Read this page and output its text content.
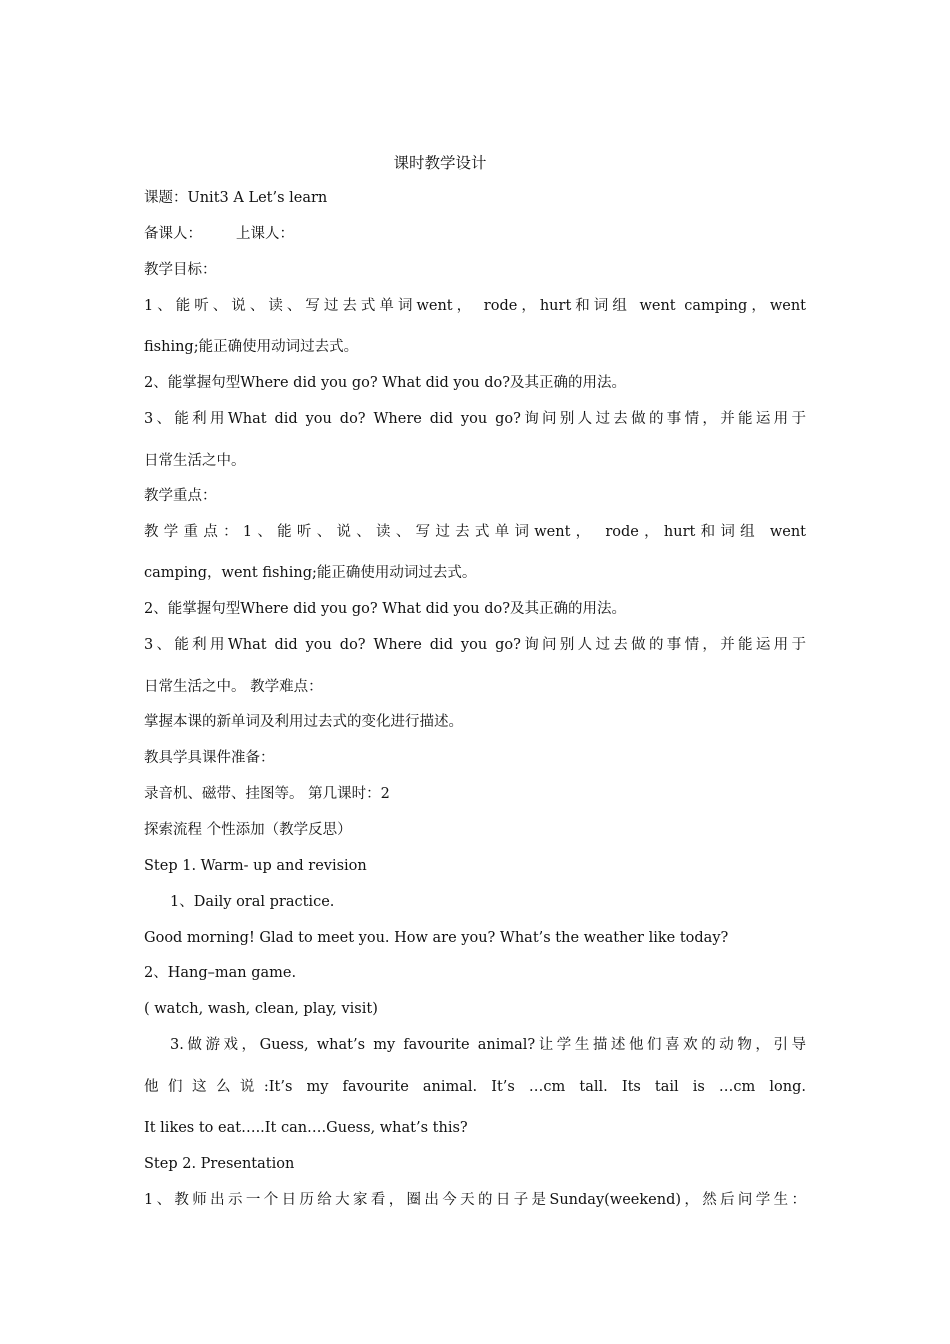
课时教学设计
课题：Unit3 A Let’s learn
备课人： 上课人：
教学目标：
1、能听、说、读、写过去式单词went， rode，hurt和词组 went camping，went
fishing;能正确使用动词过去式。
2、能掌握句型Where did you go? What did you do?及其正确的用法。
3、能利用What did you do? Where did you go?询问别人过去做的事情，并能运用于
日常生活之中。
教学重点：
教学重点：1、能听、说、读、写过去式单词went， rode，hurt和词组 went
camping，went fishing;能正确使用动词过去式。
2、能掌握句型Where did you go? What did you do?及其正确的用法。
3、能利用What did you do? Where did you go?询问别人过去做的事情，并能运用于
日常生活之中。 教学难点：
掌握本课的新单词及利用过去式的变化进行描述。
教具学具课件准备：
录音机、磁带、挂图等。 第几课时：2
探索流程 个性添加（教学反思）
Step 1. Warm- up and revision
1、Daily oral practice.
Good morning! Glad to meet you. How are you? What’s the weather like today?
2、Hang–man game.
( watch, wash, clean, play, visit)
3.做游戏，Guess, what’s my favourite animal?让学生描述他们喜欢的动物，引导
他们这么说:It’s my favourite animal. It’s …cm tall. Its tail is …cm long.
It likes to eat…..It can….Guess, what’s this?
Step 2. Presentation
1、教师出示一个日历给大家看，圈出今天的日子是Sunday(weekend)，然后问学生：
